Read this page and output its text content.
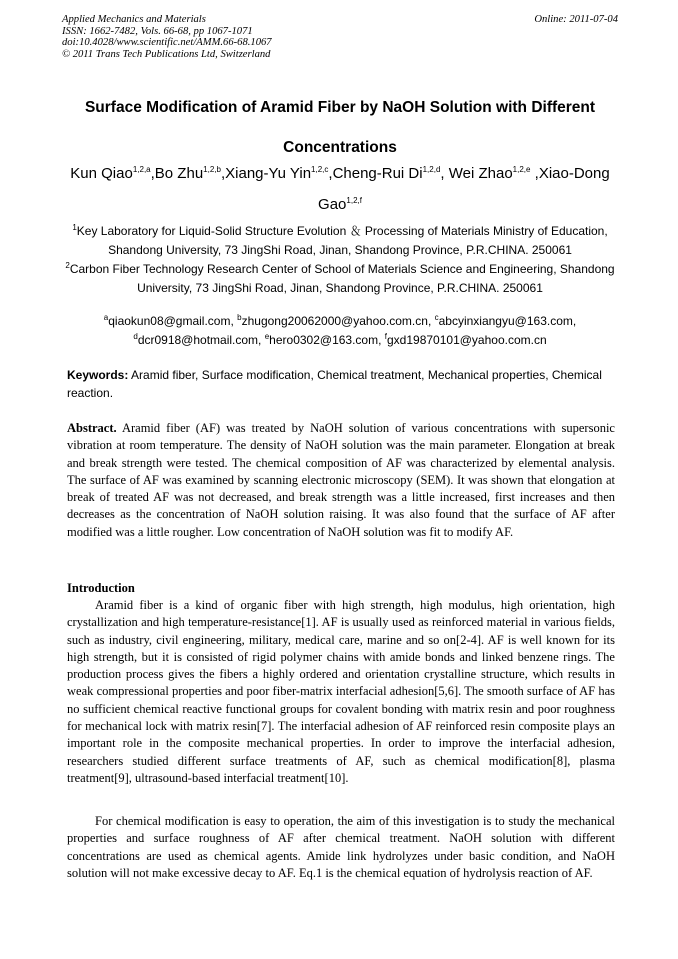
Applied Mechanics and Materials
ISSN: 1662-7482, Vols. 66-68, pp 1067-1071
doi:10.4028/www.scientific.net/AMM.66-68.1067
© 2011 Trans Tech Publications Ltd, Switzerland
Online: 2011-07-04
Surface Modification of Aramid Fiber by NaOH Solution with Different
Concentrations
Kun Qiao$^{1,2,a}$,Bo Zhu$^{1,2,b}$,Xiang-Yu Yin$^{1,2,c}$,Cheng-Rui Di$^{1,2,d}$, Wei Zhao$^{1,2,e}$ ,Xiao-Dong Gao$^{1,2,f}$
$^1$Key Laboratory for Liquid-Solid Structure Evolution ＆ Processing of Materials Ministry of Education, Shandong University, 73 JingShi Road, Jinan, Shandong Province, P.R.CHINA. 250061
$^2$Carbon Fiber Technology Research Center of School of Materials Science and Engineering, Shandong University, 73 JingShi Road, Jinan, Shandong Province, P.R.CHINA. 250061
$^a$qiaokun08@gmail.com, $^b$zhugong20062000@yahoo.com.cn, $^c$abcyinxiangyu@163.com,
$^d$dcr0918@hotmail.com, $^e$hero0302@163.com, $^f$gxd19870101@yahoo.com.cn
Keywords: Aramid fiber, Surface modification, Chemical treatment, Mechanical properties, Chemical reaction.
Abstract. Aramid fiber (AF) was treated by NaOH solution of various concentrations with supersonic vibration at room temperature. The density of NaOH solution was the main parameter. Elongation at break and break strength were tested. The chemical composition of AF was characterized by elemental analysis. The surface of AF was examined by scanning electronic microscopy (SEM). It was shown that elongation at break of treated AF was not decreased, and break strength was a little increased, first increases and then decreases as the concentration of NaOH solution raising. It was also found that the surface of AF after modified was a little rougher. Low concentration of NaOH solution was fit to modify AF.
Introduction
Aramid fiber is a kind of organic fiber with high strength, high modulus, high orientation, high crystallization and high temperature-resistance[1]. AF is usually used as reinforced material in various fields, such as industry, civil engineering, military, medical care, marine and so on[2-4]. AF is well known for its high strength, but it is consisted of rigid polymer chains with amide bonds and linked benzene rings. The production process gives the fibers a highly ordered and orientation crystalline structure, which results in weak compressional properties and poor fiber-matrix interfacial adhesion[5,6]. The smooth surface of AF has no sufficient chemical reactive functional groups for covalent bonding with matrix resin and poor roughness for mechanical lock with matrix resin[7]. The interfacial adhesion of AF reinforced resin composite plays an important role in the composite mechanical properties. In order to improve the interfacial adhesion, researchers studied different surface treatments of AF, such as chemical modification[8], plasma treatment[9], ultrasound-based interfacial treatment[10].
For chemical modification is easy to operation, the aim of this investigation is to study the mechanical properties and surface roughness of AF after chemical treatment. NaOH solution with different concentrations are used as chemical agents. Amide link hydrolyzes under basic condition, and NaOH solution will not make excessive decay to AF. Eq.1 is the chemical equation of hydrolysis reaction of AF.
